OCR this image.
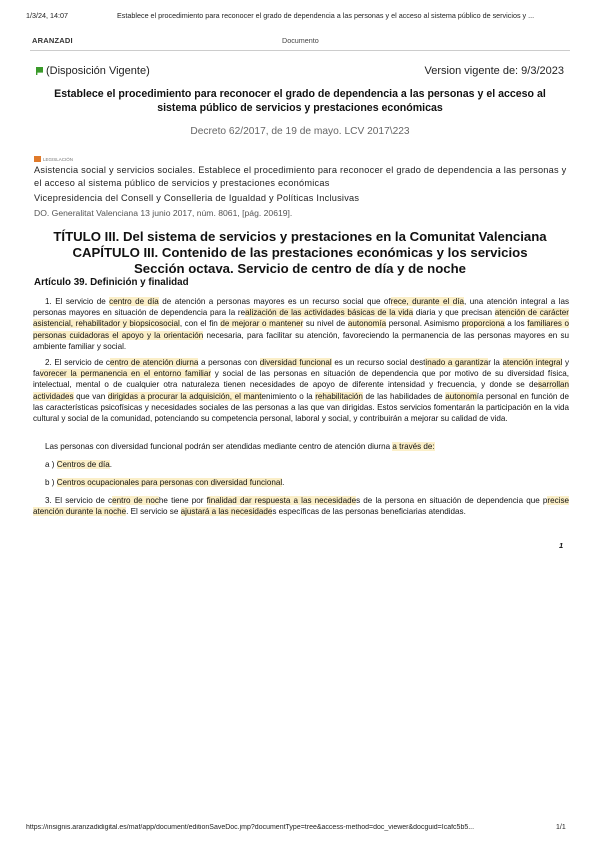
1/3/24, 14:07	Establece el procedimiento para reconocer el grado de dependencia a las personas y el acceso al sistema público de servicios y ...
ARANZADI	Documento
(Disposición Vigente)	Version vigente de: 9/3/2023
Establece el procedimiento para reconocer el grado de dependencia a las personas y el acceso al sistema público de servicios y prestaciones económicas
Decreto 62/2017, de 19 de mayo. LCV 2017\223
LEGISLACIÓN
Asistencia social y servicios sociales. Establece el procedimiento para reconocer el grado de dependencia a las personas y el acceso al sistema público de servicios y prestaciones económicas
Vicepresidencia del Consell y Conselleria de Igualdad y Políticas Inclusivas
DO. Generalitat Valenciana 13 junio 2017, núm. 8061, [pág. 20619].
TÍTULO III. Del sistema de servicios y prestaciones en la Comunitat Valenciana
CAPÍTULO III. Contenido de las prestaciones económicas y los servicios
Sección octava. Servicio de centro de día y de noche
Artículo 39. Definición y finalidad
1. El servicio de centro de día de atención a personas mayores es un recurso social que ofrece, durante el día, una atención integral a las personas mayores en situación de dependencia para la realización de las actividades básicas de la vida diaria y que precisan atención de carácter asistencial, rehabilitador y biopsicosocial, con el fin de mejorar o mantener su nivel de autonomía personal. Asimismo proporciona a los familiares o personas cuidadoras el apoyo y la orientación necesaria, para facilitar su atención, favoreciendo la permanencia de las personas mayores en su ambiente familiar y social.
2. El servicio de centro de atención diurna a personas con diversidad funcional es un recurso social destinado a garantizar la atención integral y favorecer la permanencia en el entorno familiar y social de las personas en situación de dependencia que por motivo de su diversidad física, intelectual, mental o de cualquier otra naturaleza tienen necesidades de apoyo de diferente intensidad y frecuencia, y donde se desarrollan actividades que van dirigidas a procurar la adquisición, el mantenimiento o la rehabilitación de las habilidades de autonomía personal en función de las características psicofísicas y necesidades sociales de las personas a las que van dirigidas. Estos servicios fomentarán la participación en la vida cultural y social de la comunidad, potenciando su competencia personal, laboral y social, y contribuirán a mejorar su calidad de vida.
Las personas con diversidad funcional podrán ser atendidas mediante centro de atención diurna a través de:
a ) Centros de día.
b ) Centros ocupacionales para personas con diversidad funcional.
3. El servicio de centro de noche tiene por finalidad dar respuesta a las necesidades de la persona en situación de dependencia que precise atención durante la noche. El servicio se ajustará a las necesidades específicas de las personas beneficiarias atendidas.
1
https://insignis.aranzadidigital.es/maf/app/document/editionSaveDoc.jmp?documentType=tree&access-method=doc_viewer&docguid=Icafc5b5...	1/1
